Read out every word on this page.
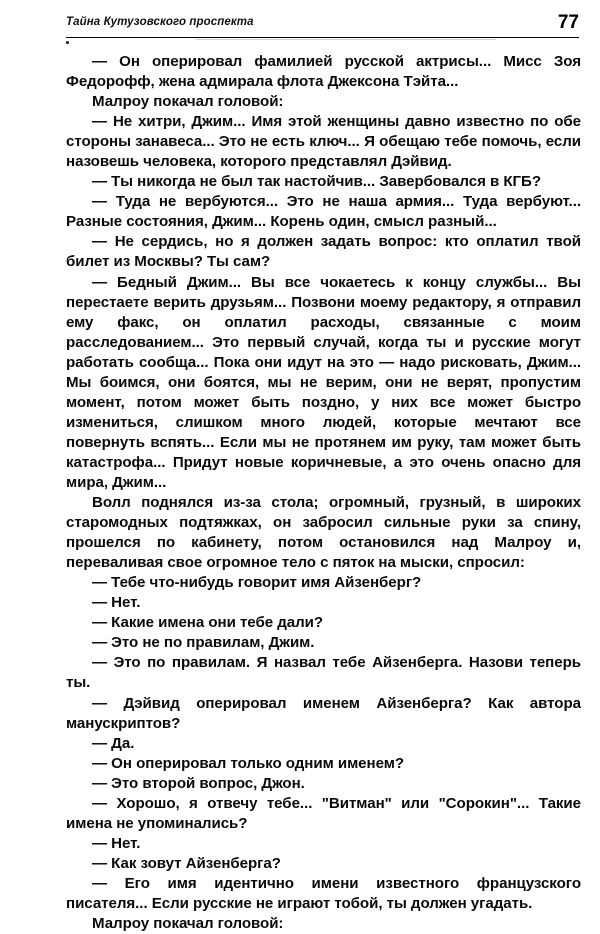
Тайна Кутузовского проспекта	77

— Он оперировал фамилией русской актрисы... Мисс Зоя Федорофф, жена адмирала флота Джексона Тэйта...

Малроу покачал головой:

— Не хитри, Джим... Имя этой женщины давно известно по обе стороны занавеса... Это не есть ключ... Я обещаю тебе помочь, если назовешь человека, которого представлял Дэйвид.

— Ты никогда не был так настойчив... Завербовался в КГБ?

— Туда не вербуются... Это не наша армия... Туда вербуют... Разные состояния, Джим... Корень один, смысл разный...

— Не сердись, но я должен задать вопрос: кто оплатил твой билет из Москвы? Ты сам?

— Бедный Джим... Вы все чокаетесь к концу службы... Вы перестаете верить друзьям... Позвони моему редактору, я отправил ему факс, он оплатил расходы, связанные с моим расследованием... Это первый случай, когда ты и русские могут работать сообща... Пока они идут на это — надо рисковать, Джим... Мы боимся, они боятся, мы не верим, они не верят, пропустим момент, потом может быть поздно, у них все может быстро измениться, слишком много людей, которые мечтают все повернуть вспять... Если мы не протянем им руку, там может быть катастрофа... Придут новые коричневые, а это очень опасно для мира, Джим...

Волл поднялся из-за стола; огромный, грузный, в широких старомодных подтяжках, он забросил сильные руки за спину, прошелся по кабинету, потом остановился над Малроу и, переваливая свое огромное тело с пяток на мыски, спросил:

— Тебе что-нибудь говорит имя Айзенберг?

— Нет.

— Какие имена они тебе дали?

— Это не по правилам, Джим.

— Это по правилам. Я назвал тебе Айзенберга. Назови теперь ты.

— Дэйвид оперировал именем Айзенберга? Как автора манускриптов?

— Да.

— Он оперировал только одним именем?

— Это второй вопрос, Джон.

— Хорошо, я отвечу тебе... "Витман" или "Сорокин"... Такие имена не упоминались?

— Нет.

— Как зовут Айзенберга?

— Его имя идентично имени известного французского писателя... Если русские не играют тобой, ты должен угадать.

Малроу покачал головой:
